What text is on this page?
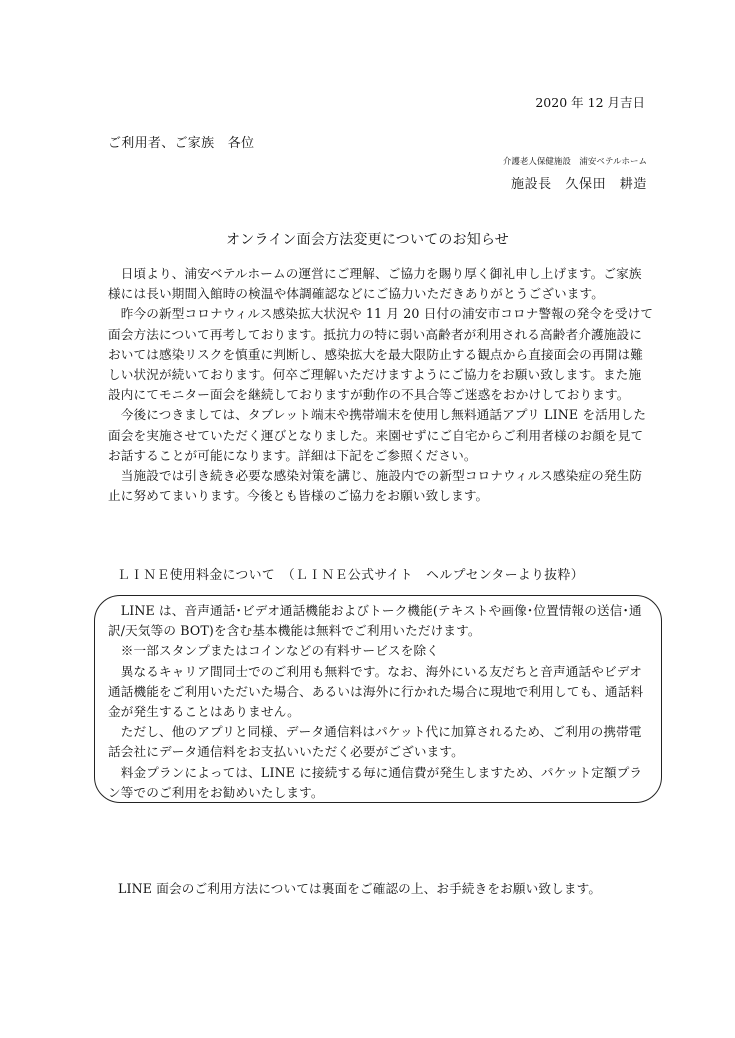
2020 年 12 月吉日
ご利用者、ご家族　各位
介護老人保健施設　浦安ベテルホーム
施設長　久保田　耕造
オンライン面会方法変更についてのお知らせ

　日頃より、浦安ベテルホームの運営にご理解、ご協力を賜り厚く御礼申し上げます。ご家族

様には長い期間入館時の検温や体調確認などにご協力いただきありがとうございます。

　昨今の新型コロナウィルス感染拡大状況や 11 月 20 日付の浦安市コロナ警報の発令を受けて

面会方法について再考しております。抵抗力の特に弱い高齢者が利用される高齢者介護施設に

おいては感染リスクを慎重に判断し、感染拡大を最大限防止する観点から直接面会の再開は難

しい状況が続いております。何卒ご理解いただけますようにご協力をお願い致します。また施

設内にてモニター面会を継続しておりますが動作の不具合等ご迷惑をおかけしております。

　今後につきましては、タブレット端末や携帯端末を使用し無料通話アプリ LINE を活用した

面会を実施させていただく運びとなりました。来園せずにご自宅からご利用者様のお顔を見て

お話することが可能になります。詳細は下記をご参照ください。

　当施設では引き続き必要な感染対策を講じ、施設内での新型コロナウィルス感染症の発生防

止に努めてまいります。今後とも皆様のご協力をお願い致します。

ＬＩＮＥ使用料金について　（ＬＩＮＥ公式サイト　ヘルプセンターより抜粋）

　LINE は、音声通話･ビデオ通話機能およびトーク機能(テキストや画像･位置情報の送信･通

訳/天気等の BOT)を含む基本機能は無料でご利用いただけます。

　※一部スタンプまたはコインなどの有料サービスを除く

　異なるキャリア間同士でのご利用も無料です。なお、海外にいる友だちと音声通話やビデオ

通話機能をご利用いただいた場合、あるいは海外に行かれた場合に現地で利用しても、通話料

金が発生することはありません。

　ただし、他のアプリと同様、データ通信料はパケット代に加算されるため、ご利用の携帯電

話会社にデータ通信料をお支払いいただく必要がございます。

　料金プランによっては、LINE に接続する毎に通信費が発生しますため、パケット定額プラ

ン等でのご利用をお勧めいたします。

LINE 面会のご利用方法については裏面をご確認の上、お手続きをお願い致します。
